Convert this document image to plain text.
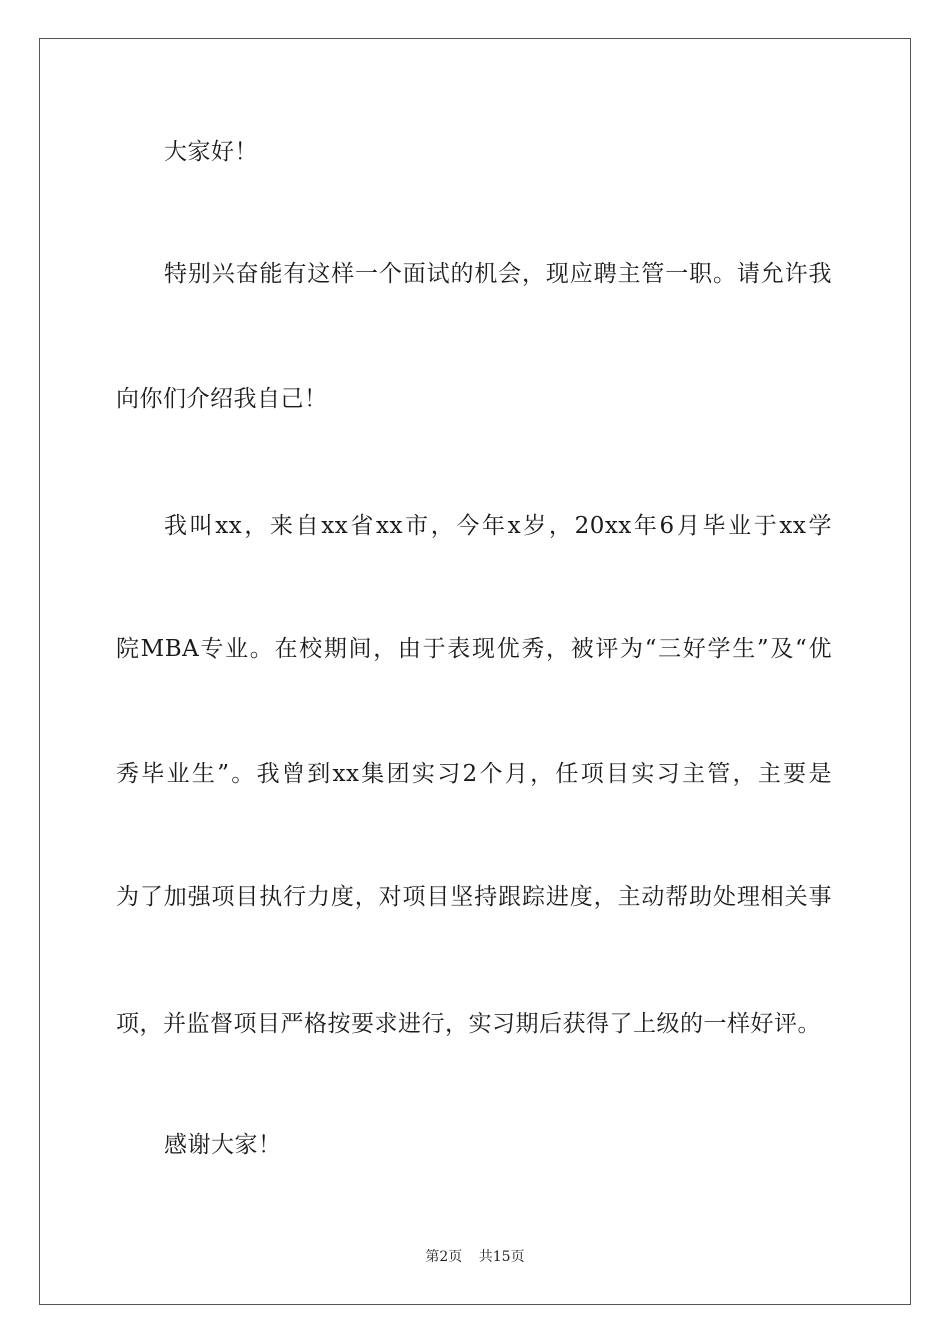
大家好！
特别兴奋能有这样一个面试的机会，现应聘主管一职。请允许我
向你们介绍我自己！
我叫xx，来自xx省xx市，今年x岁，20xx年6月毕业于xx学
院MBA专业。在校期间，由于表现优秀，被评为“三好学生”及“优
秀毕业生”。我曾到xx集团实习2个月，任项目实习主管，主要是
为了加强项目执行力度，对项目坚持跟踪进度，主动帮助处理相关事
项，并监督项目严格按要求进行，实习期后获得了上级的一样好评。
感谢大家！
第2页 共15页
